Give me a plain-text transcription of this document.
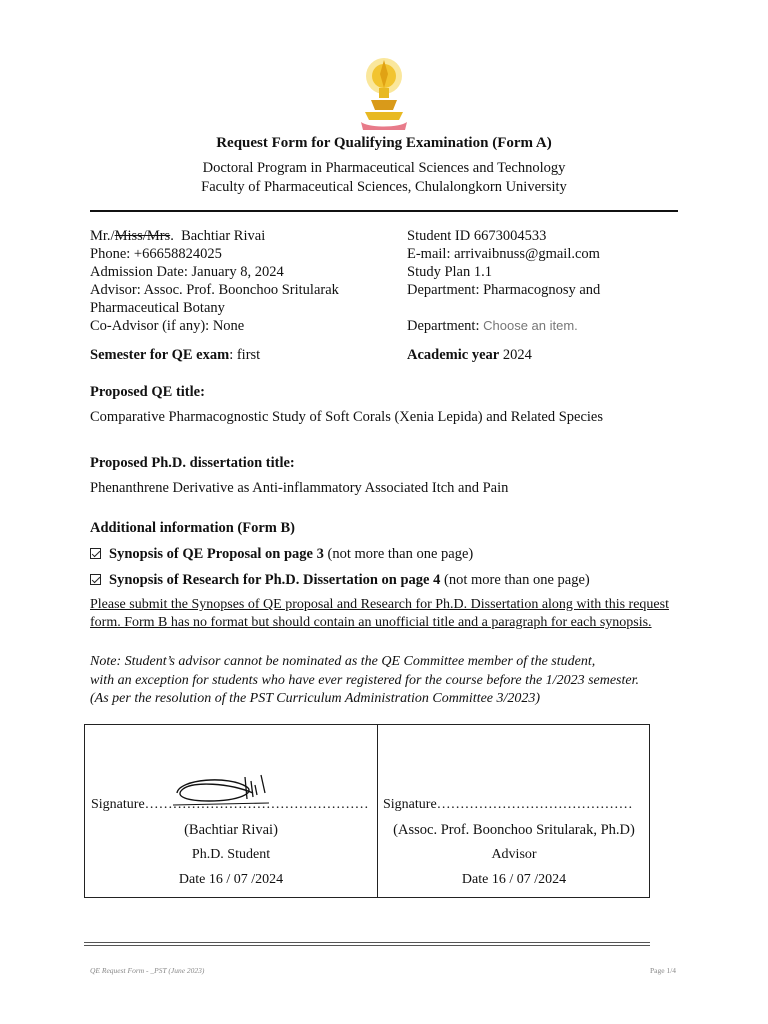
Request Form for Qualifying Examination (Form A)
Doctoral Program in Pharmaceutical Sciences and Technology
Faculty of Pharmaceutical Sciences, Chulalongkorn University
Mr./Miss/Mrs. Bachtiar Rivai
Phone: +66658824025
Admission Date: January 8, 2024
Advisor: Assoc. Prof. Boonchoo Sritularak
Pharmaceutical Botany
Co-Advisor (if any): None
Student ID 6673004533
E-mail: arrivaibnuss@gmail.com
Study Plan 1.1
Department: Pharmacognosy and
Department: Choose an item.
Semester for QE exam: first	Academic year 2024
Proposed QE title:
Comparative Pharmacognostic Study of Soft Corals (Xenia Lepida) and Related Species
Proposed Ph.D. dissertation title:
Phenanthrene Derivative as Anti-inflammatory Associated Itch and Pain
Additional information (Form B)
Synopsis of QE Proposal on page 3 (not more than one page)
Synopsis of Research for Ph.D. Dissertation on page 4 (not more than one page)
Please submit the Synopses of QE proposal and Research for Ph.D. Dissertation along with this request
form. Form B has no format but should contain an unofficial title and a paragraph for each synopsis.
Note: Student’s advisor cannot be nominated as the QE Committee member of the student,
with an exception for students who have ever registered for the course before the 1/2023 semester.
(As per the resolution of the PST Curriculum Administration Committee 3/2023)
Signature…………………………………………
(Bachtiar Rivai)
Ph.D. Student
Date 16 / 07 /2024
Signature……………………………………
(Assoc. Prof. Boonchoo Sritularak, Ph.D)
Advisor
Date 16 / 07 /2024
QE Request Form - _PST (June 2023)	Page 1/4
